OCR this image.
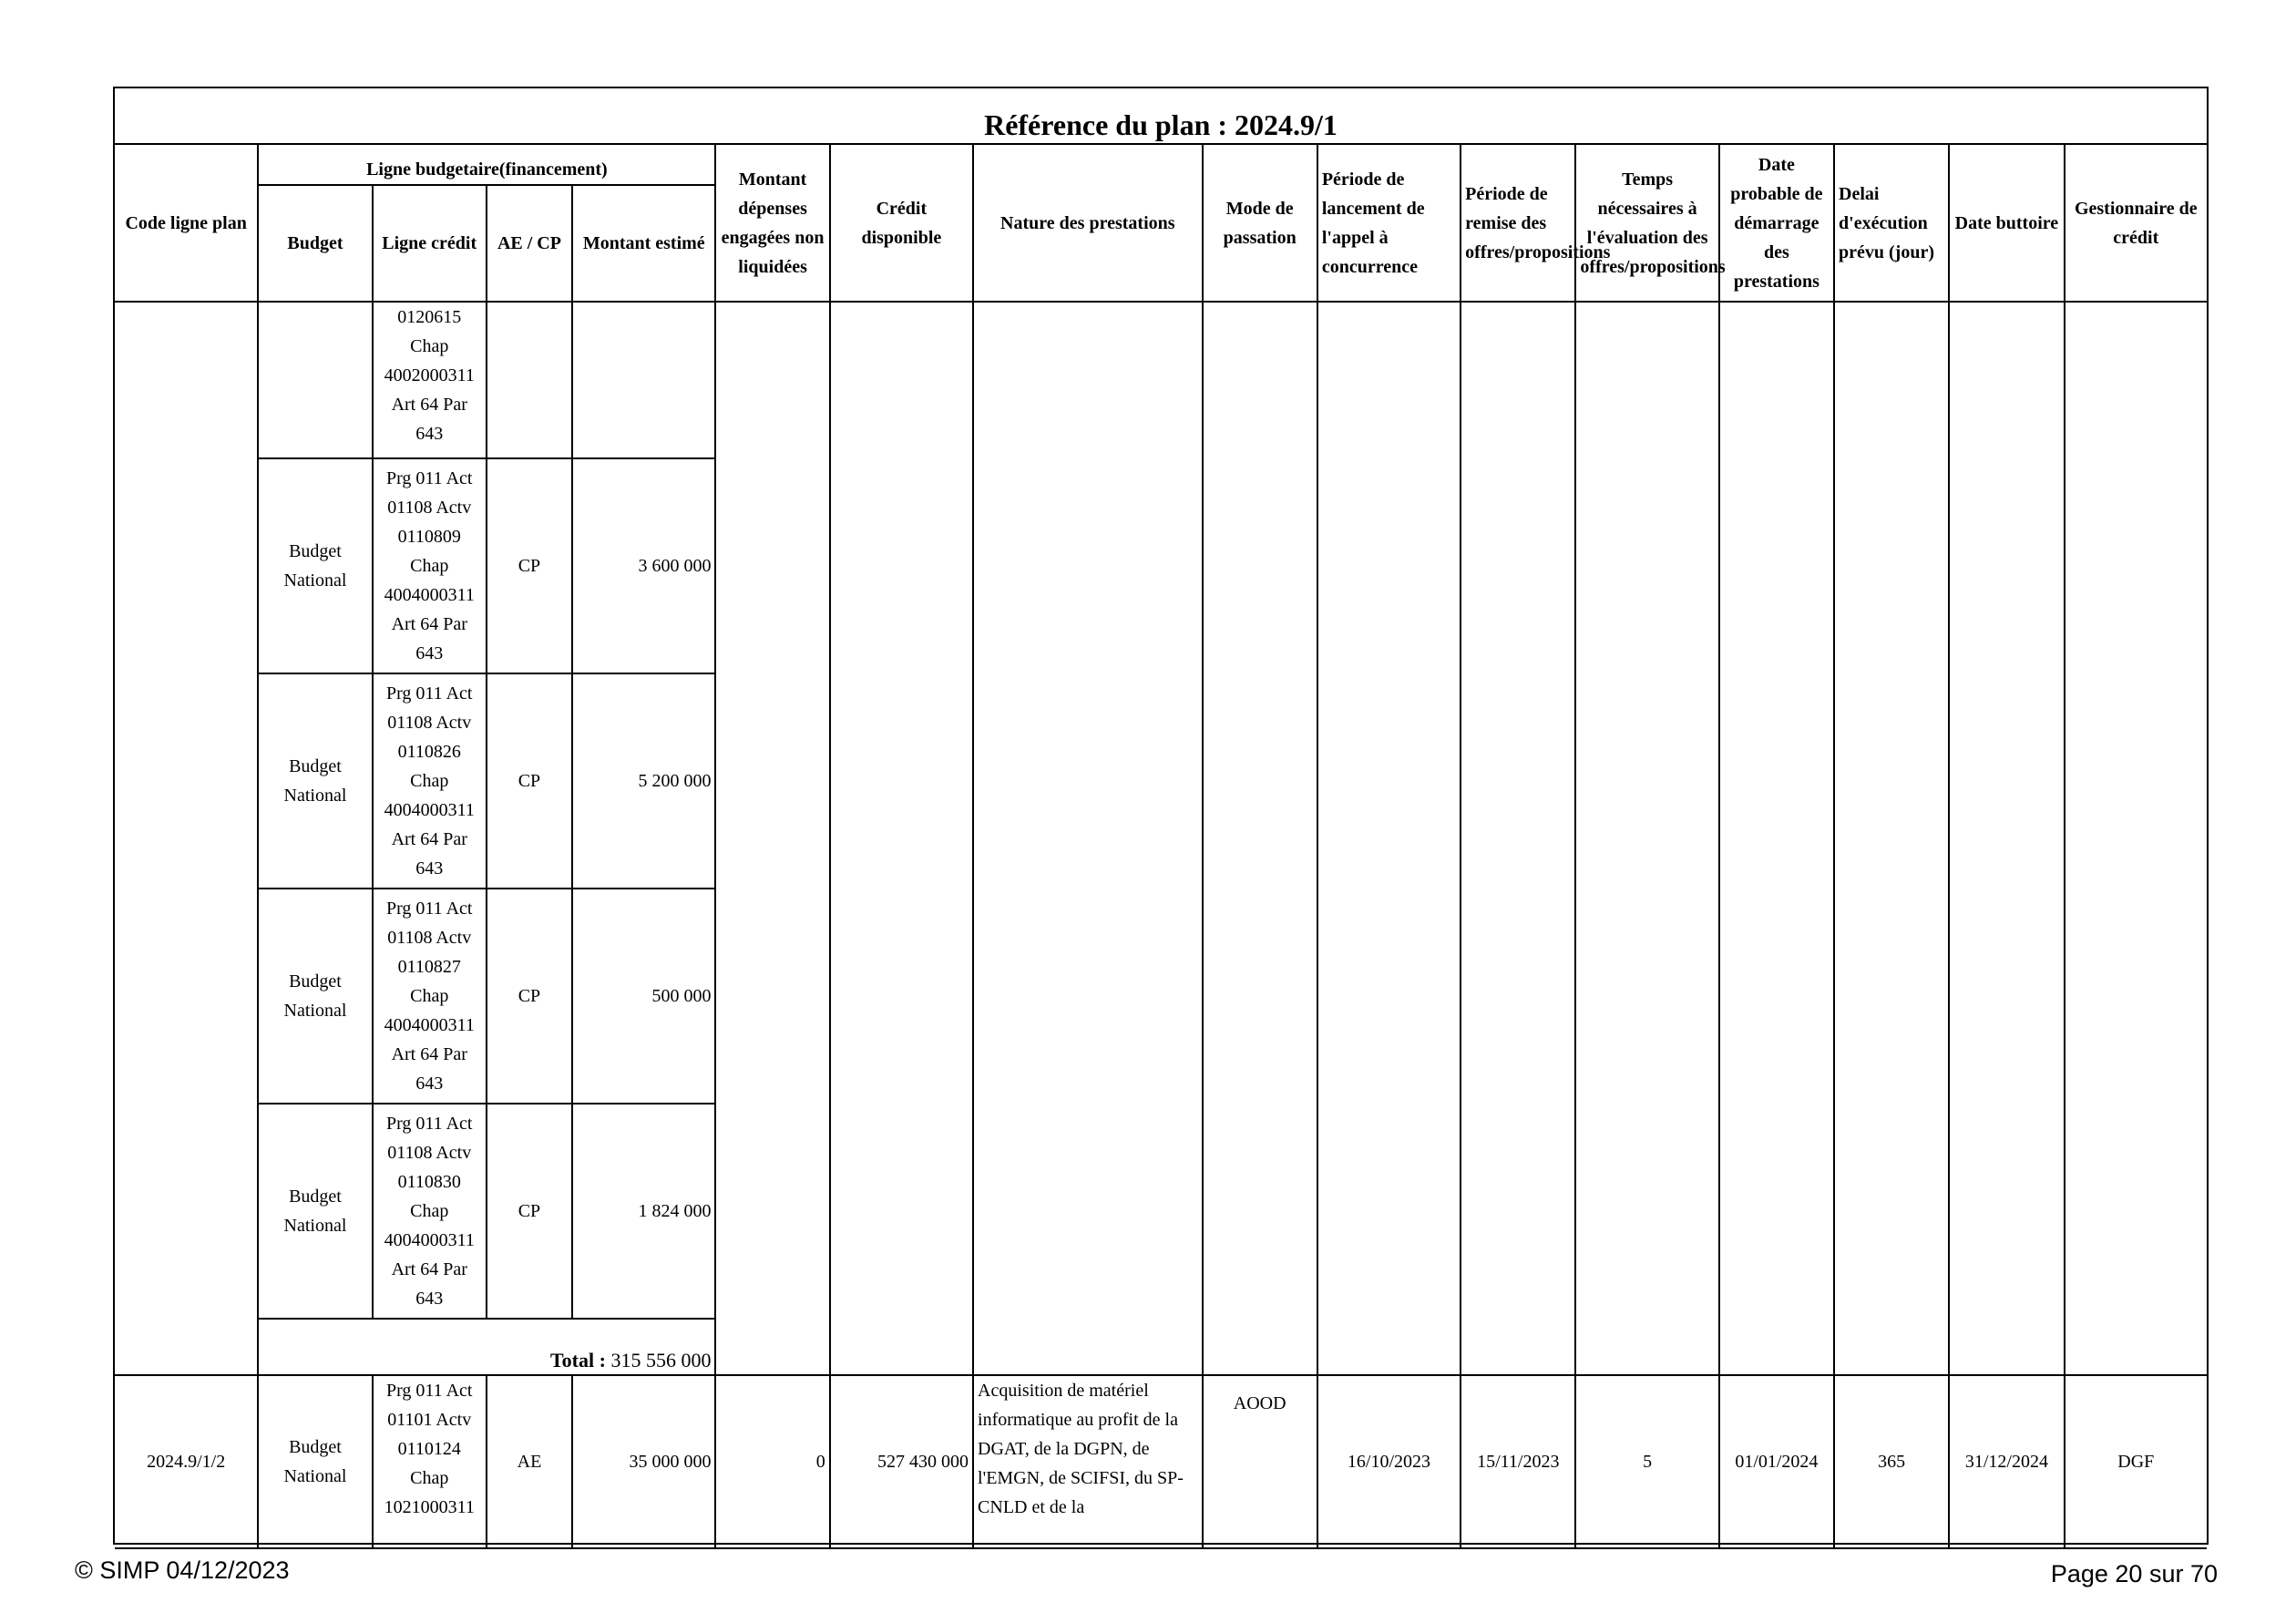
Référence du plan : 2024.9/1
Code ligne plan	Ligne budgetaire(financement)				Montant dépenses engagées non liquidées	Crédit disponible	Nature des prestations	Mode de passation	Période de lancement de l'appel à concurrence	Période de remise des offres/propositions	Temps nécessaires à l'évaluation des offres/propositions	Date probable de démarrage des prestations	Delai d'exécution prévu (jour)	Date buttoire	Gestionnaire de crédit
	Budget	Ligne crédit	AE / CP	Montant estimé											
		0120615 Chap 4002000311 Art 64 Par 643													
	Budget National	Prg 011 Act 01108 Actv 0110809 Chap 4004000311 Art 64 Par 643	CP	3 600 000											
	Budget National	Prg 011 Act 01108 Actv 0110826 Chap 4004000311 Art 64 Par 643	CP	5 200 000											
	Budget National	Prg 011 Act 01108 Actv 0110827 Chap 4004000311 Art 64 Par 643	CP	500 000											
	Budget National	Prg 011 Act 01108 Actv 0110830 Chap 4004000311 Art 64 Par 643	CP	1 824 000											
	Total : 315 556 000														
2024.9/1/2	Budget National	Prg 011 Act 01101 Actv 0110124 Chap 1021000311	AE	35 000 000	0	527 430 000	Acquisition de matériel informatique au profit de la DGAT, de la DGPN, de l'EMGN, de SCIFSI, du SP-CNLD et de la	AOOD	16/10/2023	15/11/2023	5	01/01/2024	365	31/12/2024	DGF
© SIMP 04/12/2023	Page 20 sur 70
